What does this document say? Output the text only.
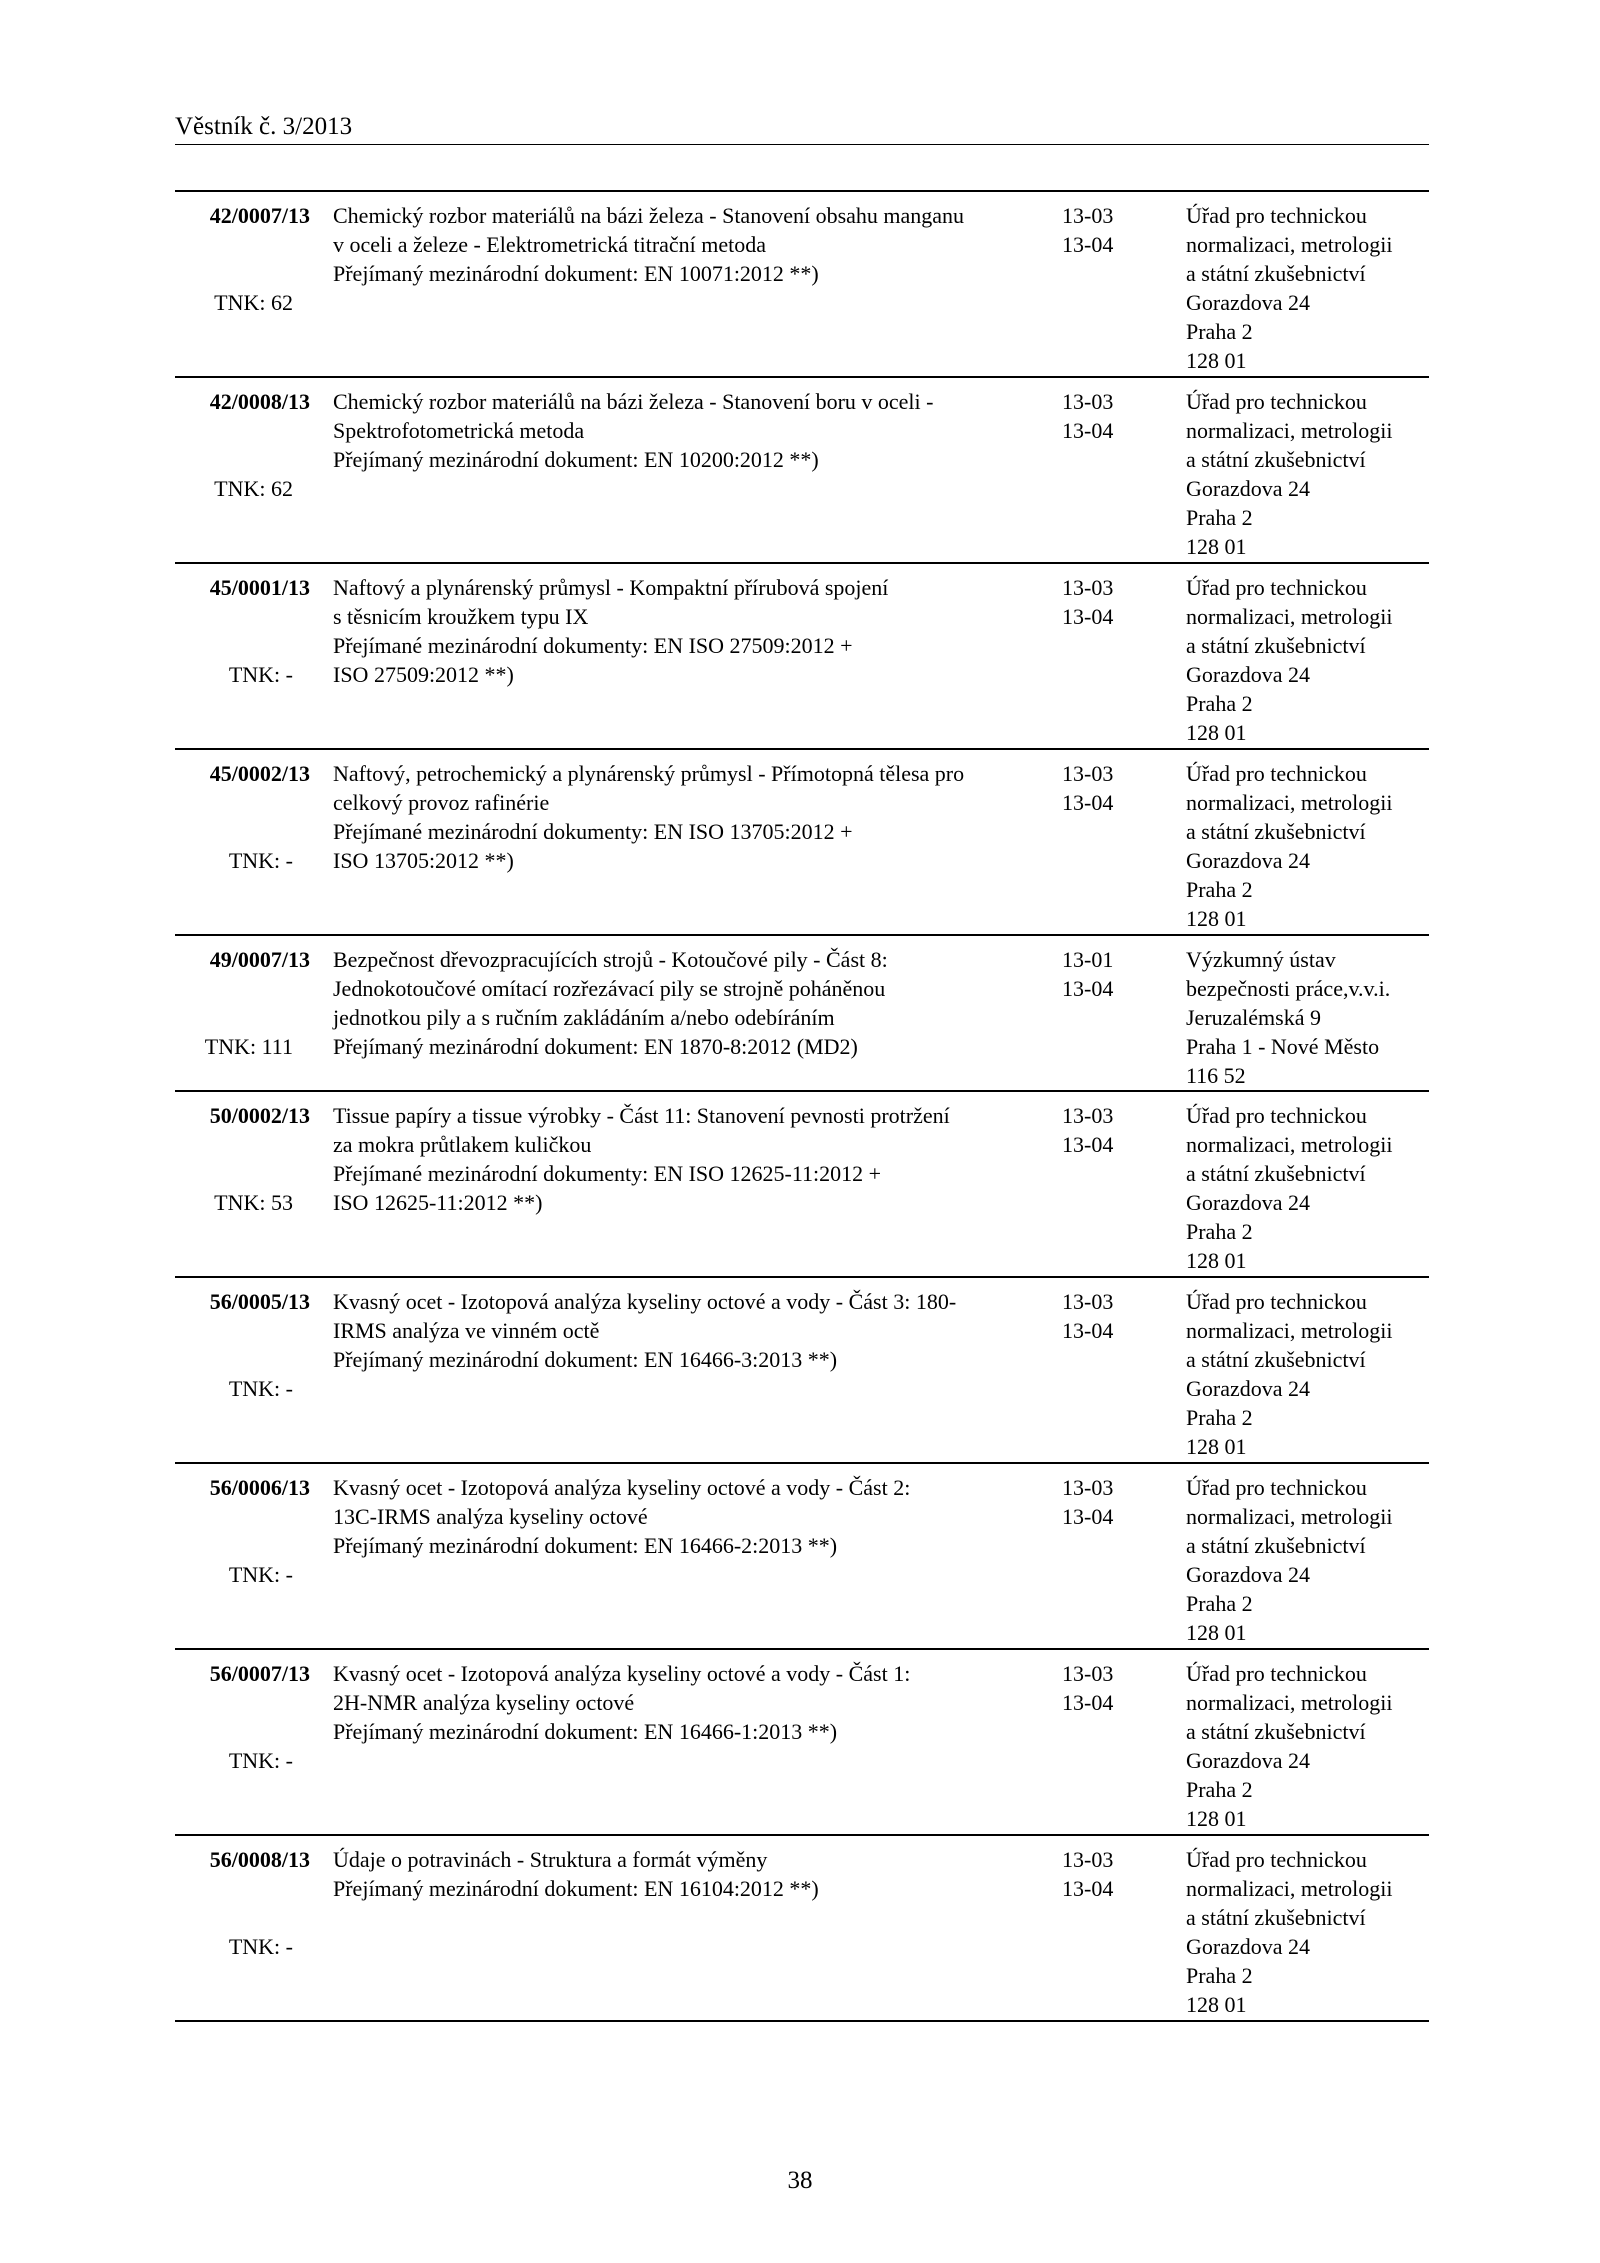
Věstník č. 3/2013
42/0007/13
TNK: 62
Chemický rozbor materiálů na bázi železa - Stanovení obsahu manganu
v oceli a železe - Elektrometrická titrační metoda
Přejímaný mezinárodní dokument: EN 10071:2012 **)
13-03
13-04
Úřad pro technickou
normalizaci, metrologii
a státní zkušebnictví
Gorazdova 24
Praha 2
128 01
42/0008/13
TNK: 62
Chemický rozbor materiálů na bázi železa - Stanovení boru v oceli -
Spektrofotometrická metoda
Přejímaný mezinárodní dokument: EN 10200:2012 **)
13-03
13-04
Úřad pro technickou
normalizaci, metrologii
a státní zkušebnictví
Gorazdova 24
Praha 2
128 01
45/0001/13
TNK: -
Naftový a plynárenský průmysl - Kompaktní přírubová spojení
s těsnicím kroužkem typu IX
Přejímané mezinárodní dokumenty: EN ISO 27509:2012 +
ISO 27509:2012 **)
13-03
13-04
Úřad pro technickou
normalizaci, metrologii
a státní zkušebnictví
Gorazdova 24
Praha 2
128 01
45/0002/13
TNK: -
Naftový, petrochemický a plynárenský průmysl - Přímotopná tělesa pro
celkový provoz rafinérie
Přejímané mezinárodní dokumenty: EN ISO 13705:2012 +
ISO 13705:2012 **)
13-03
13-04
Úřad pro technickou
normalizaci, metrologii
a státní zkušebnictví
Gorazdova 24
Praha 2
128 01
49/0007/13
TNK: 111
Bezpečnost dřevozpracujících strojů - Kotoučové pily - Část 8:
Jednokotoučové omítací rozřezávací pily se strojně poháněnou
jednotkou pily a s ručním zakládáním a/nebo odebíráním
Přejímaný mezinárodní dokument: EN 1870-8:2012 (MD2)
13-01
13-04
Výzkumný ústav
bezpečnosti práce,v.v.i.
Jeruzalémská 9
Praha 1 - Nové Město
116 52
50/0002/13
TNK: 53
Tissue papíry a tissue výrobky - Část 11: Stanovení pevnosti protržení
za mokra průtlakem kuličkou
Přejímané mezinárodní dokumenty: EN ISO 12625-11:2012 +
ISO 12625-11:2012 **)
13-03
13-04
Úřad pro technickou
normalizaci, metrologii
a státní zkušebnictví
Gorazdova 24
Praha 2
128 01
56/0005/13
TNK: -
Kvasný ocet - Izotopová analýza kyseliny octové a vody - Část 3: 180-
IRMS analýza ve vinném octě
Přejímaný mezinárodní dokument: EN 16466-3:2013 **)
13-03
13-04
Úřad pro technickou
normalizaci, metrologii
a státní zkušebnictví
Gorazdova 24
Praha 2
128 01
56/0006/13
TNK: -
Kvasný ocet - Izotopová analýza kyseliny octové a vody - Část 2:
13C-IRMS analýza kyseliny octové
Přejímaný mezinárodní dokument: EN 16466-2:2013 **)
13-03
13-04
Úřad pro technickou
normalizaci, metrologii
a státní zkušebnictví
Gorazdova 24
Praha 2
128 01
56/0007/13
TNK: -
Kvasný ocet - Izotopová analýza kyseliny octové a vody - Část 1:
2H-NMR analýza kyseliny octové
Přejímaný mezinárodní dokument: EN 16466-1:2013 **)
13-03
13-04
Úřad pro technickou
normalizaci, metrologii
a státní zkušebnictví
Gorazdova 24
Praha 2
128 01
56/0008/13
TNK: -
Údaje o potravinách - Struktura a formát výměny
Přejímaný mezinárodní dokument: EN 16104:2012 **)
13-03
13-04
Úřad pro technickou
normalizaci, metrologii
a státní zkušebnictví
Gorazdova 24
Praha 2
128 01
38
